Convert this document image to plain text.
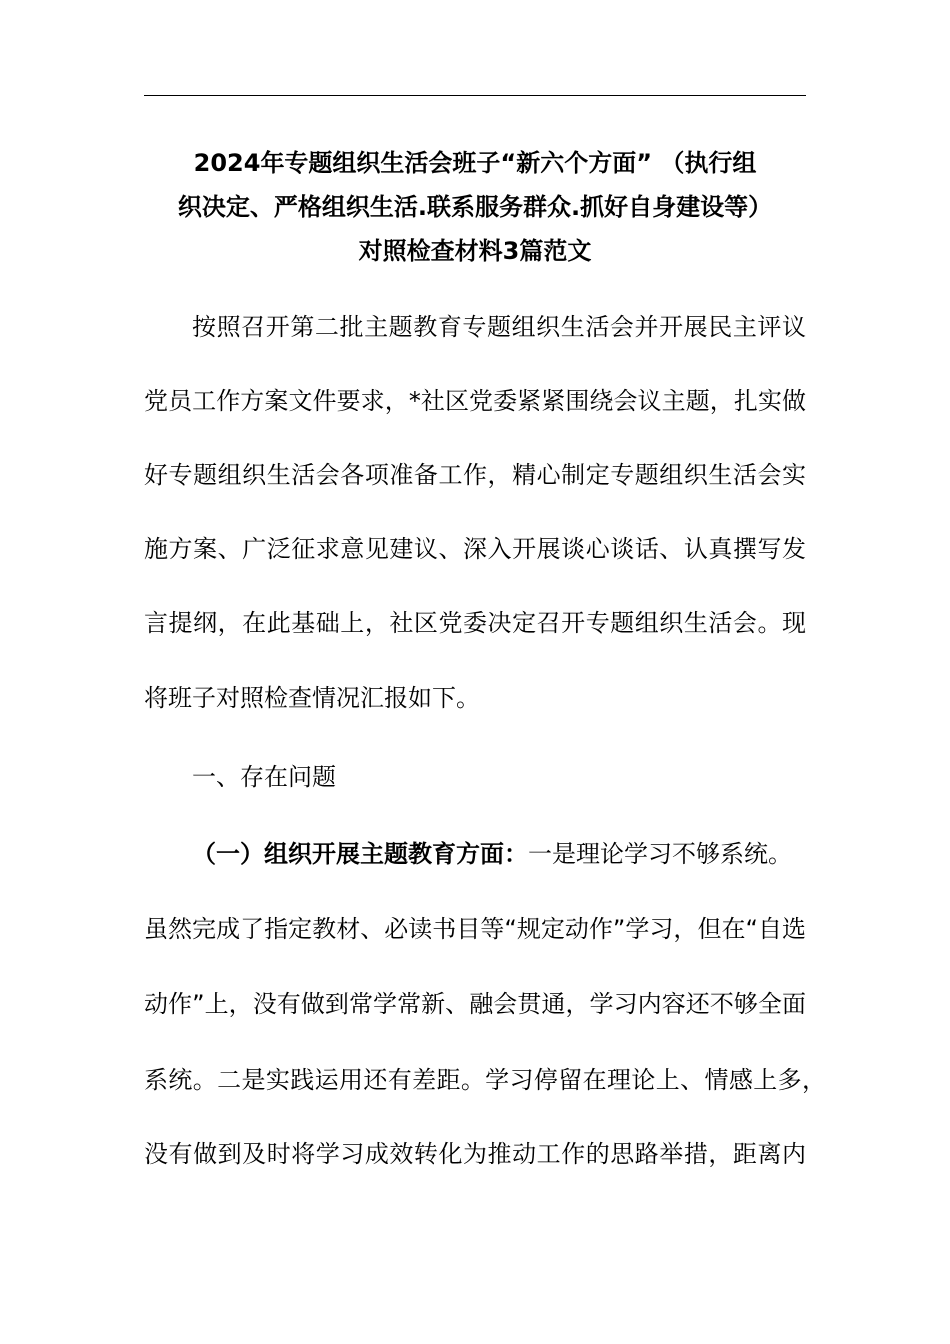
2024年专题组织生活会班子“新六个方面” （执行组
织决定、严格组织生活.联系服务群众.抓好自身建设等）
对照检查材料3篇范文
按照召开第二批主题教育专题组织生活会并开展民主评议
党员工作方案文件要求，*社区党委紧紧围绕会议主题，扎实做
好专题组织生活会各项准备工作，精心制定专题组织生活会实
施方案、广泛征求意见建议、深入开展谈心谈话、认真撰写发
言提纲，在此基础上，社区党委决定召开专题组织生活会。现
将班子对照检查情况汇报如下。
一、存在问题
（一）组织开展主题教育方面：一是理论学习不够系统。
虽然完成了指定教材、必读书目等“规定动作”学习，但在“自选
动作”上，没有做到常学常新、融会贯通，学习内容还不够全面
系统。二是实践运用还有差距。学习停留在理论上、情感上多，
没有做到及时将学习成效转化为推动工作的思路举措，距离内
